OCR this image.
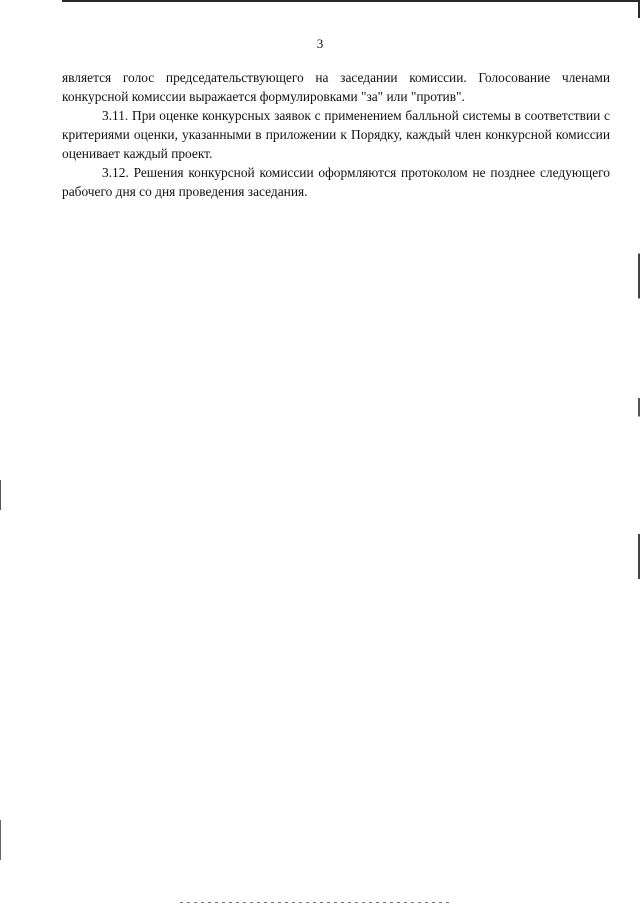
3

является голос председательствующего на заседании комиссии. Голосование членами конкурсной комиссии выражается формулировками "за" или "против".

3.11. При оценке конкурсных заявок с применением балльной системы в соответствии с критериями оценки, указанными в приложении к Порядку, каждый член конкурсной комиссии оценивает каждый проект.

3.12. Решения конкурсной комиссии оформляются протоколом не позднее следующего рабочего дня со дня проведения заседания.
